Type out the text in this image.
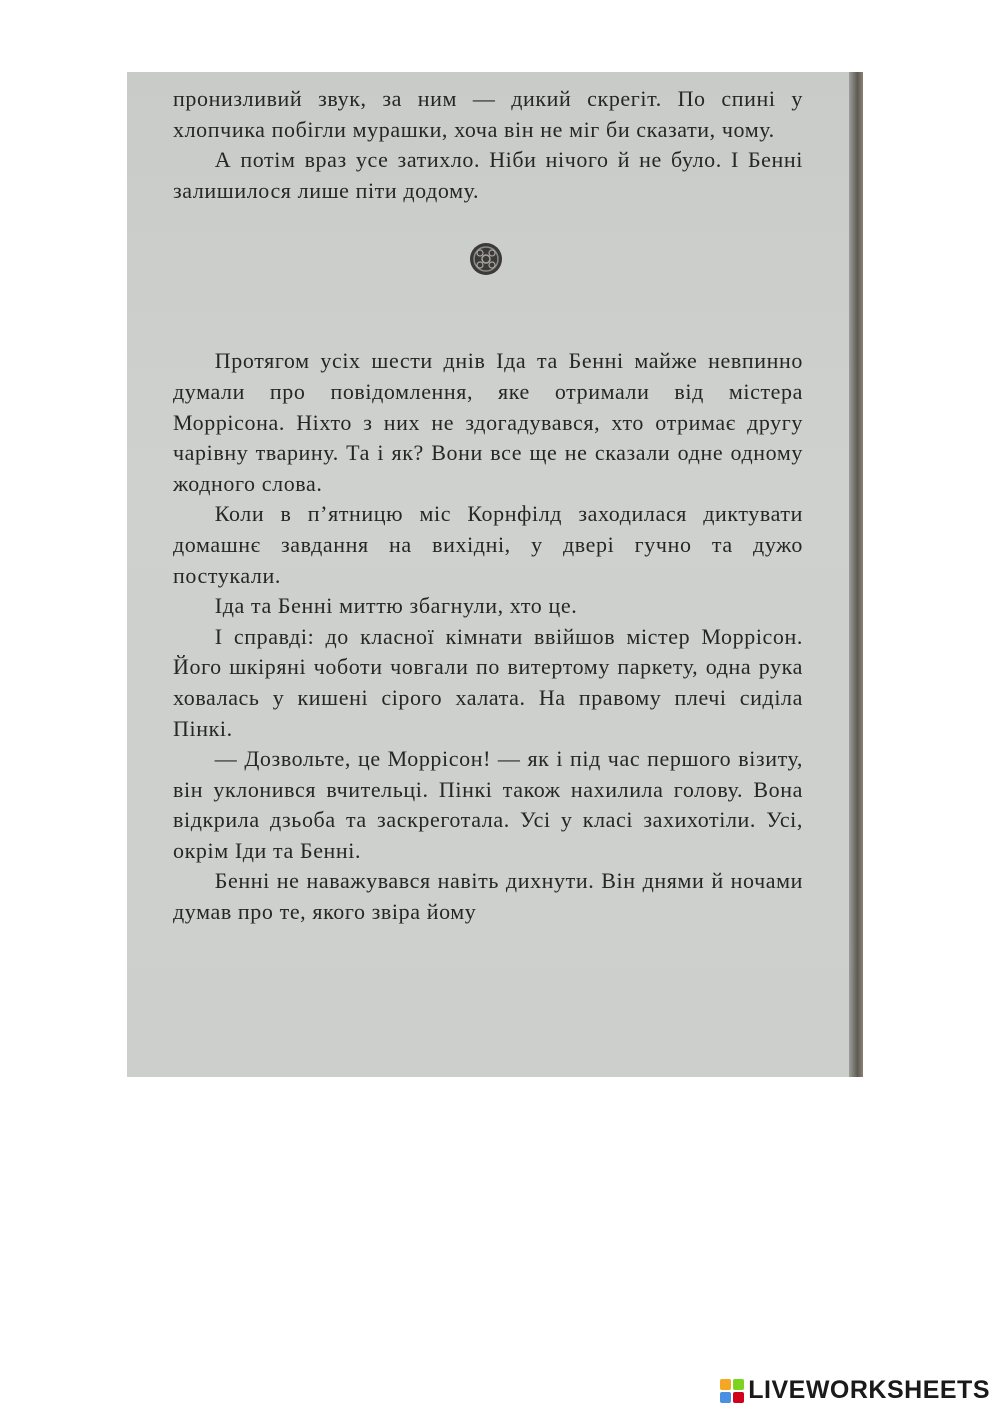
пронизливий звук, за ним — дикий скрегіт. По спині у хлопчика побігли мурашки, хоча він не міг би сказати, чому.

А потім враз усе затихло. Ніби нічого й не було. І Бенні залишилося лише піти додому.

Протягом усіх шести днів Іда та Бенні майже невпинно думали про повідомлення, яке отримали від містера Моррісона. Ніхто з них не здогадувався, хто отримає другу чарівну тварину. Та і як? Вони все ще не сказали одне одному жодного слова.

Коли в п’ятницю міс Корнфілд заходилася диктувати домашнє завдання на вихідні, у двері гучно та дужо постукали.

Іда та Бенні миттю збагнули, хто це.

І справді: до класної кімнати ввійшов містер Моррісон. Його шкіряні чоботи човгали по витертому паркету, одна рука ховалась у кишені сірого халата. На правому плечі сиділа Пінкі.

— Дозвольте, це Моррісон! — як і під час першого візиту, він уклонився вчительці. Пінкі також нахилила голову. Вона відкрила дзьоба та заскреготала. Усі у класі захихотіли. Усі, окрім Іди та Бенні.

Бенні не наважувався навіть дихнути. Він днями й ночами думав про те, якого звіра йому

LIVEWORKSHEETS
